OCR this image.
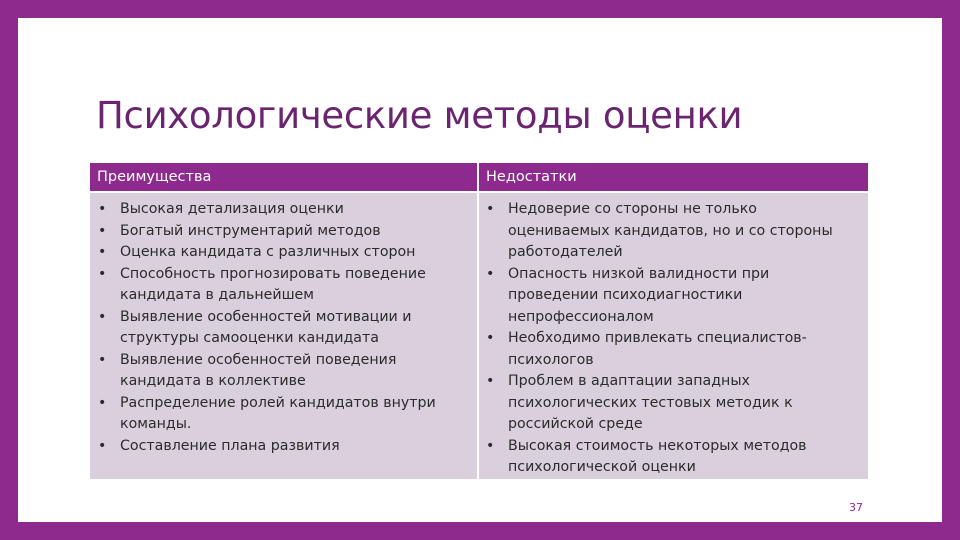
Психологические методы оценки
Преимущества	Недостатки
• Высокая детализация оценки
• Богатый инструментарий методов
• Оценка кандидата с различных сторон
• Способность прогнозировать поведение кандидата в дальнейшем
• Выявление особенностей мотивации и структуры самооценки кандидата
• Выявление особенностей поведения кандидата в коллективе
• Распределение ролей кандидатов внутри команды.
• Составление плана развития
• Недоверие со стороны не только оцениваемых кандидатов, но и со стороны работодателей
• Опасность низкой валидности при проведении психодиагностики непрофессионалом
• Необходимо привлекать специалистов-психологов
• Проблем в адаптации западных психологических тестовых методик к российской среде
• Высокая стоимость некоторых методов психологической оценки
37
